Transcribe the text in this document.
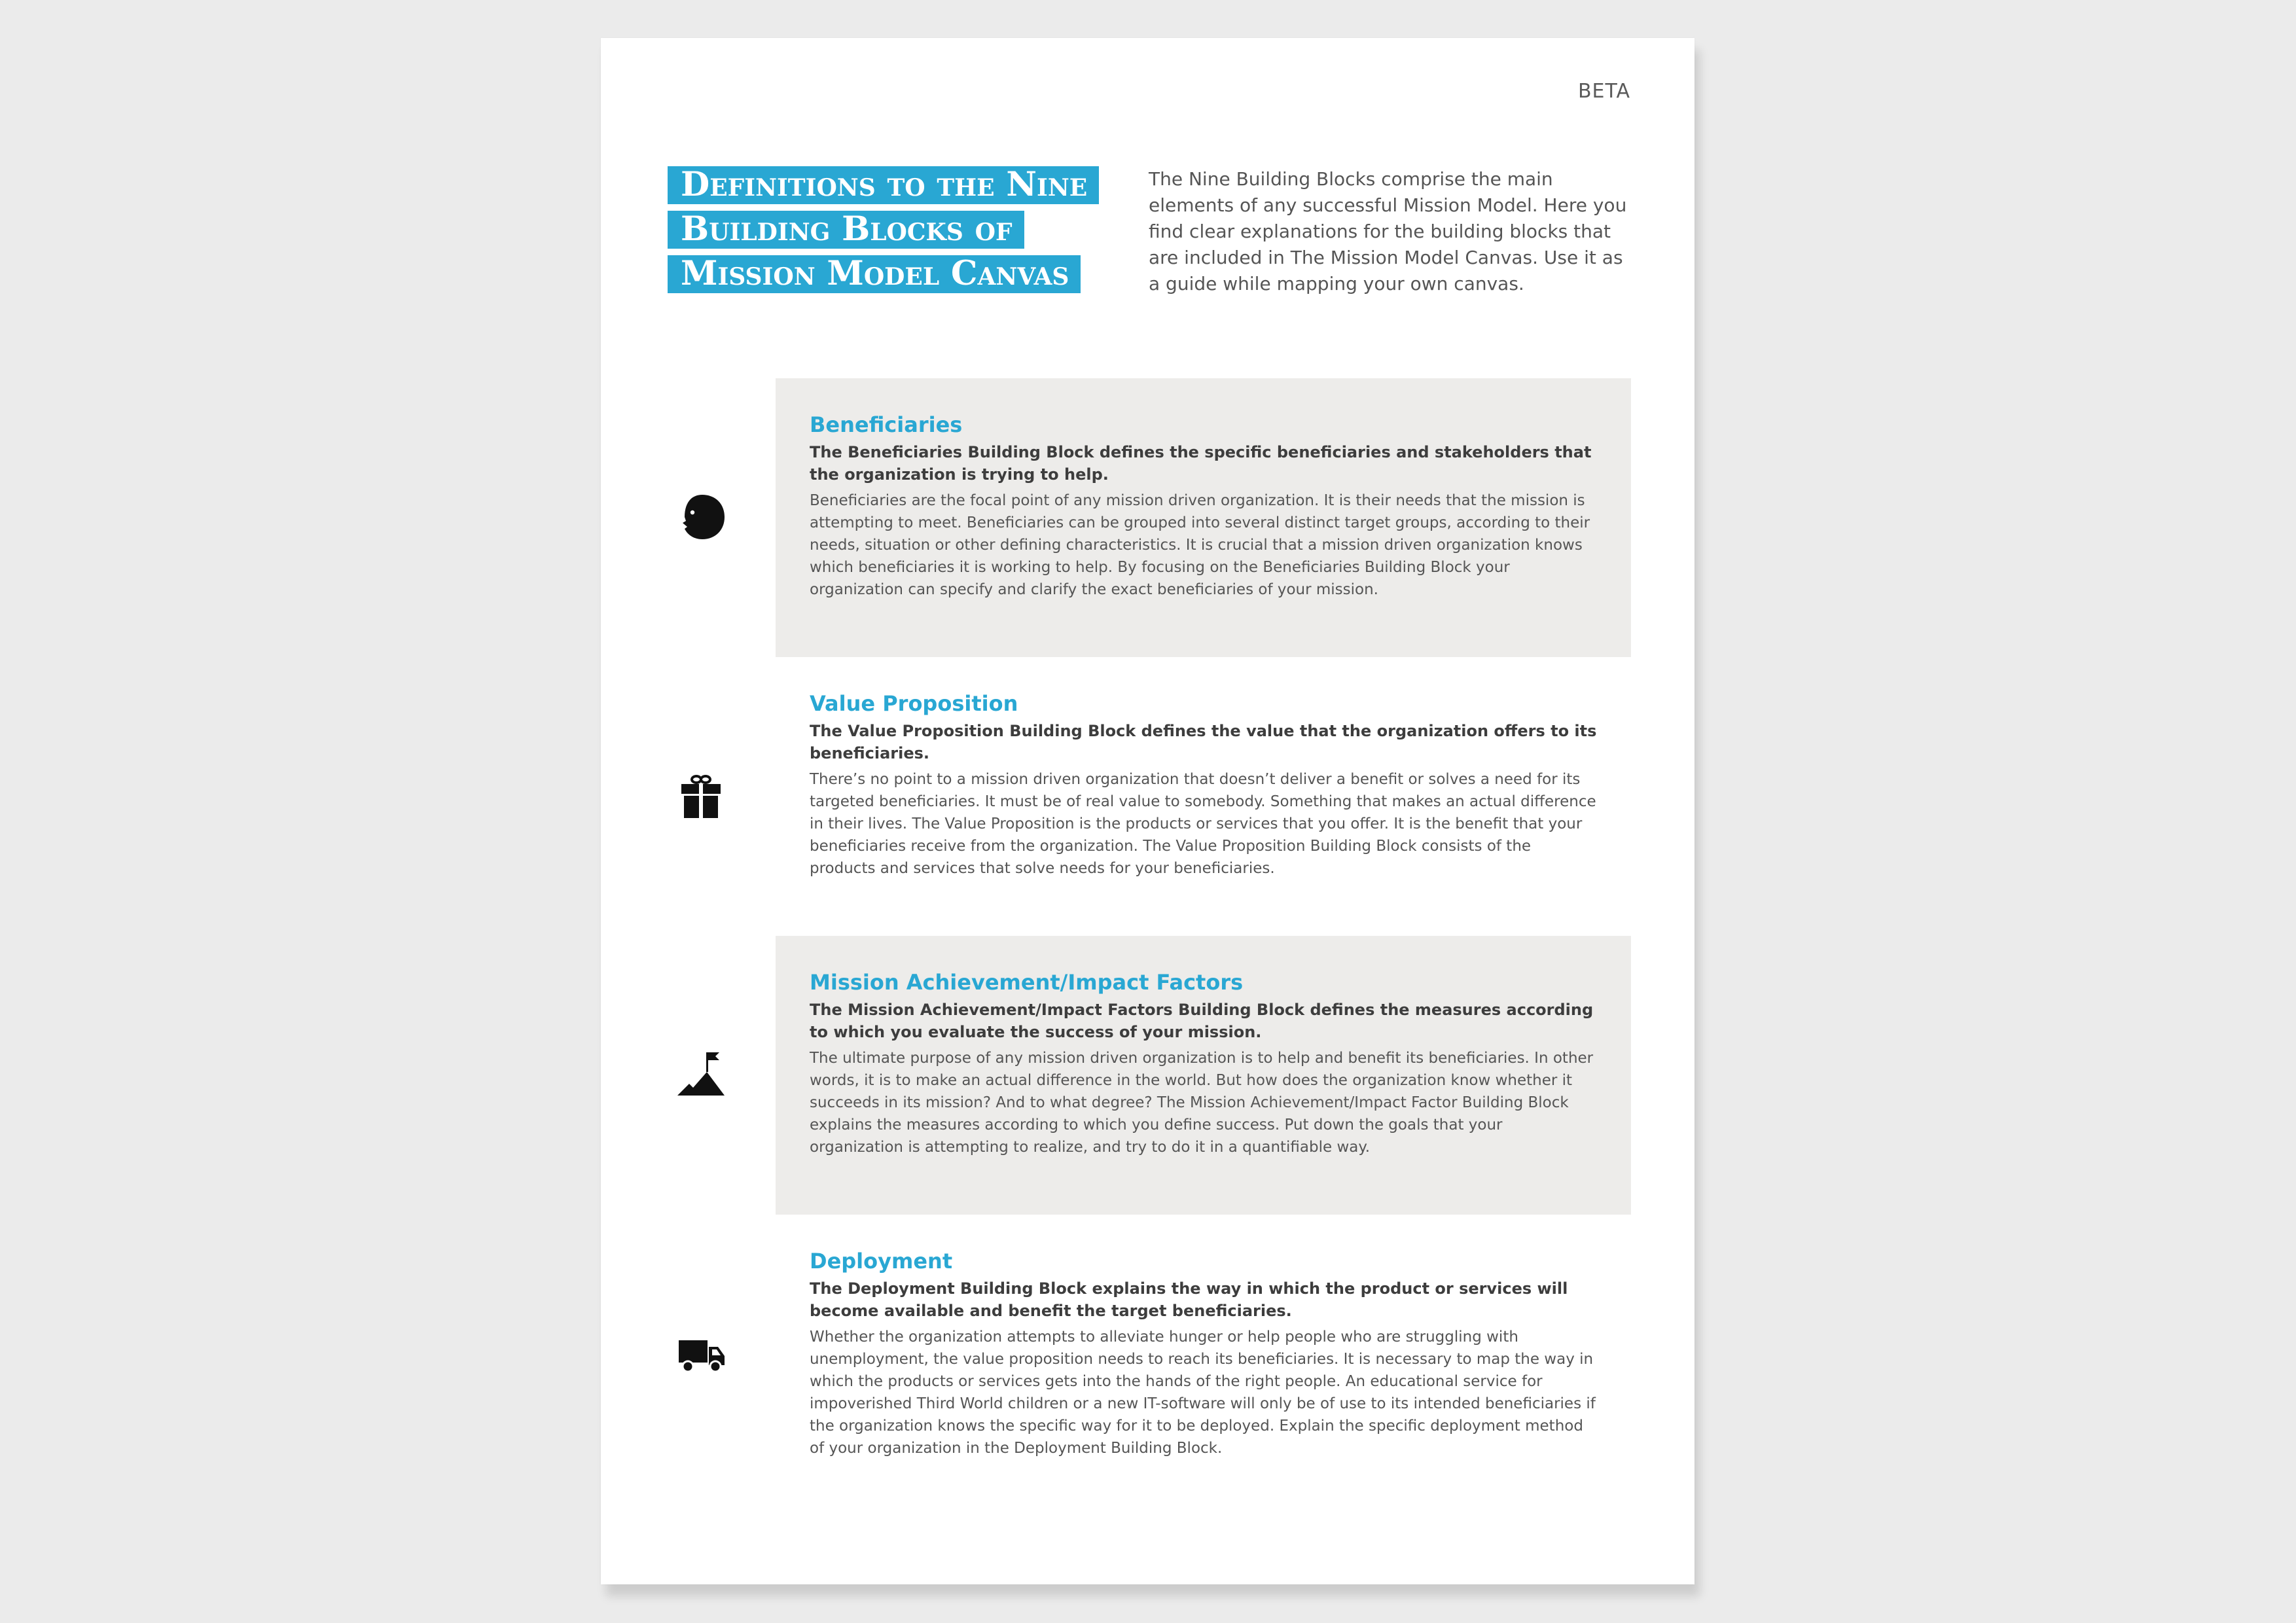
BETA
Definitions to the Nine
Building Blocks of
Mission Model Canvas
The Nine Building Blocks comprise the main elements of any successful Mission Model. Here you find clear explanations for the building blocks that are included in The Mission Model Canvas. Use it as a guide while mapping your own canvas.
Beneficiaries
The Beneficiaries Building Block defines the specific beneficiaries and stakeholders that the organization is trying to help.
Beneficiaries are the focal point of any mission driven organization. It is their needs that the mission is attempting to meet. Beneficiaries can be grouped into several distinct target groups, according to their needs, situation or other defining characteristics. It is crucial that a mission driven organization knows which beneficiaries it is working to help. By focusing on the Beneficiaries Building Block your organization can specify and clarify the exact beneficiaries of your mission.
Value Proposition
The Value Proposition Building Block defines the value that the organization offers to its beneficiaries.
There’s no point to a mission driven organization that doesn’t deliver a benefit or solves a need for its targeted beneficiaries. It must be of real value to somebody. Something that makes an actual difference in their lives. The Value Proposition is the products or services that you offer. It is the benefit that your beneficiaries receive from the organization. The Value Proposition Building Block consists of the products and services that solve needs for your beneficiaries.
Mission Achievement/Impact Factors
The Mission Achievement/Impact Factors Building Block defines the measures according to which you evaluate the success of your mission.
The ultimate purpose of any mission driven organization is to help and benefit its beneficiaries. In other words, it is to make an actual difference in the world. But how does the organization know whether it succeeds in its mission? And to what degree? The Mission Achievement/Impact Factor Building Block explains the measures according to which you define success. Put down the goals that your organization is attempting to realize, and try to do it in a quantifiable way.
Deployment
The Deployment Building Block explains the way in which the product or services will become available and benefit the target beneficiaries.
Whether the organization attempts to alleviate hunger or help people who are struggling with unemployment, the value proposition needs to reach its beneficiaries. It is necessary to map the way in which the products or services gets into the hands of the right people. An educational service for impoverished Third World children or a new IT-software will only be of use to its intended beneficiaries if the organization knows the specific way for it to be deployed. Explain the specific deployment method of your organization in the Deployment Building Block.
